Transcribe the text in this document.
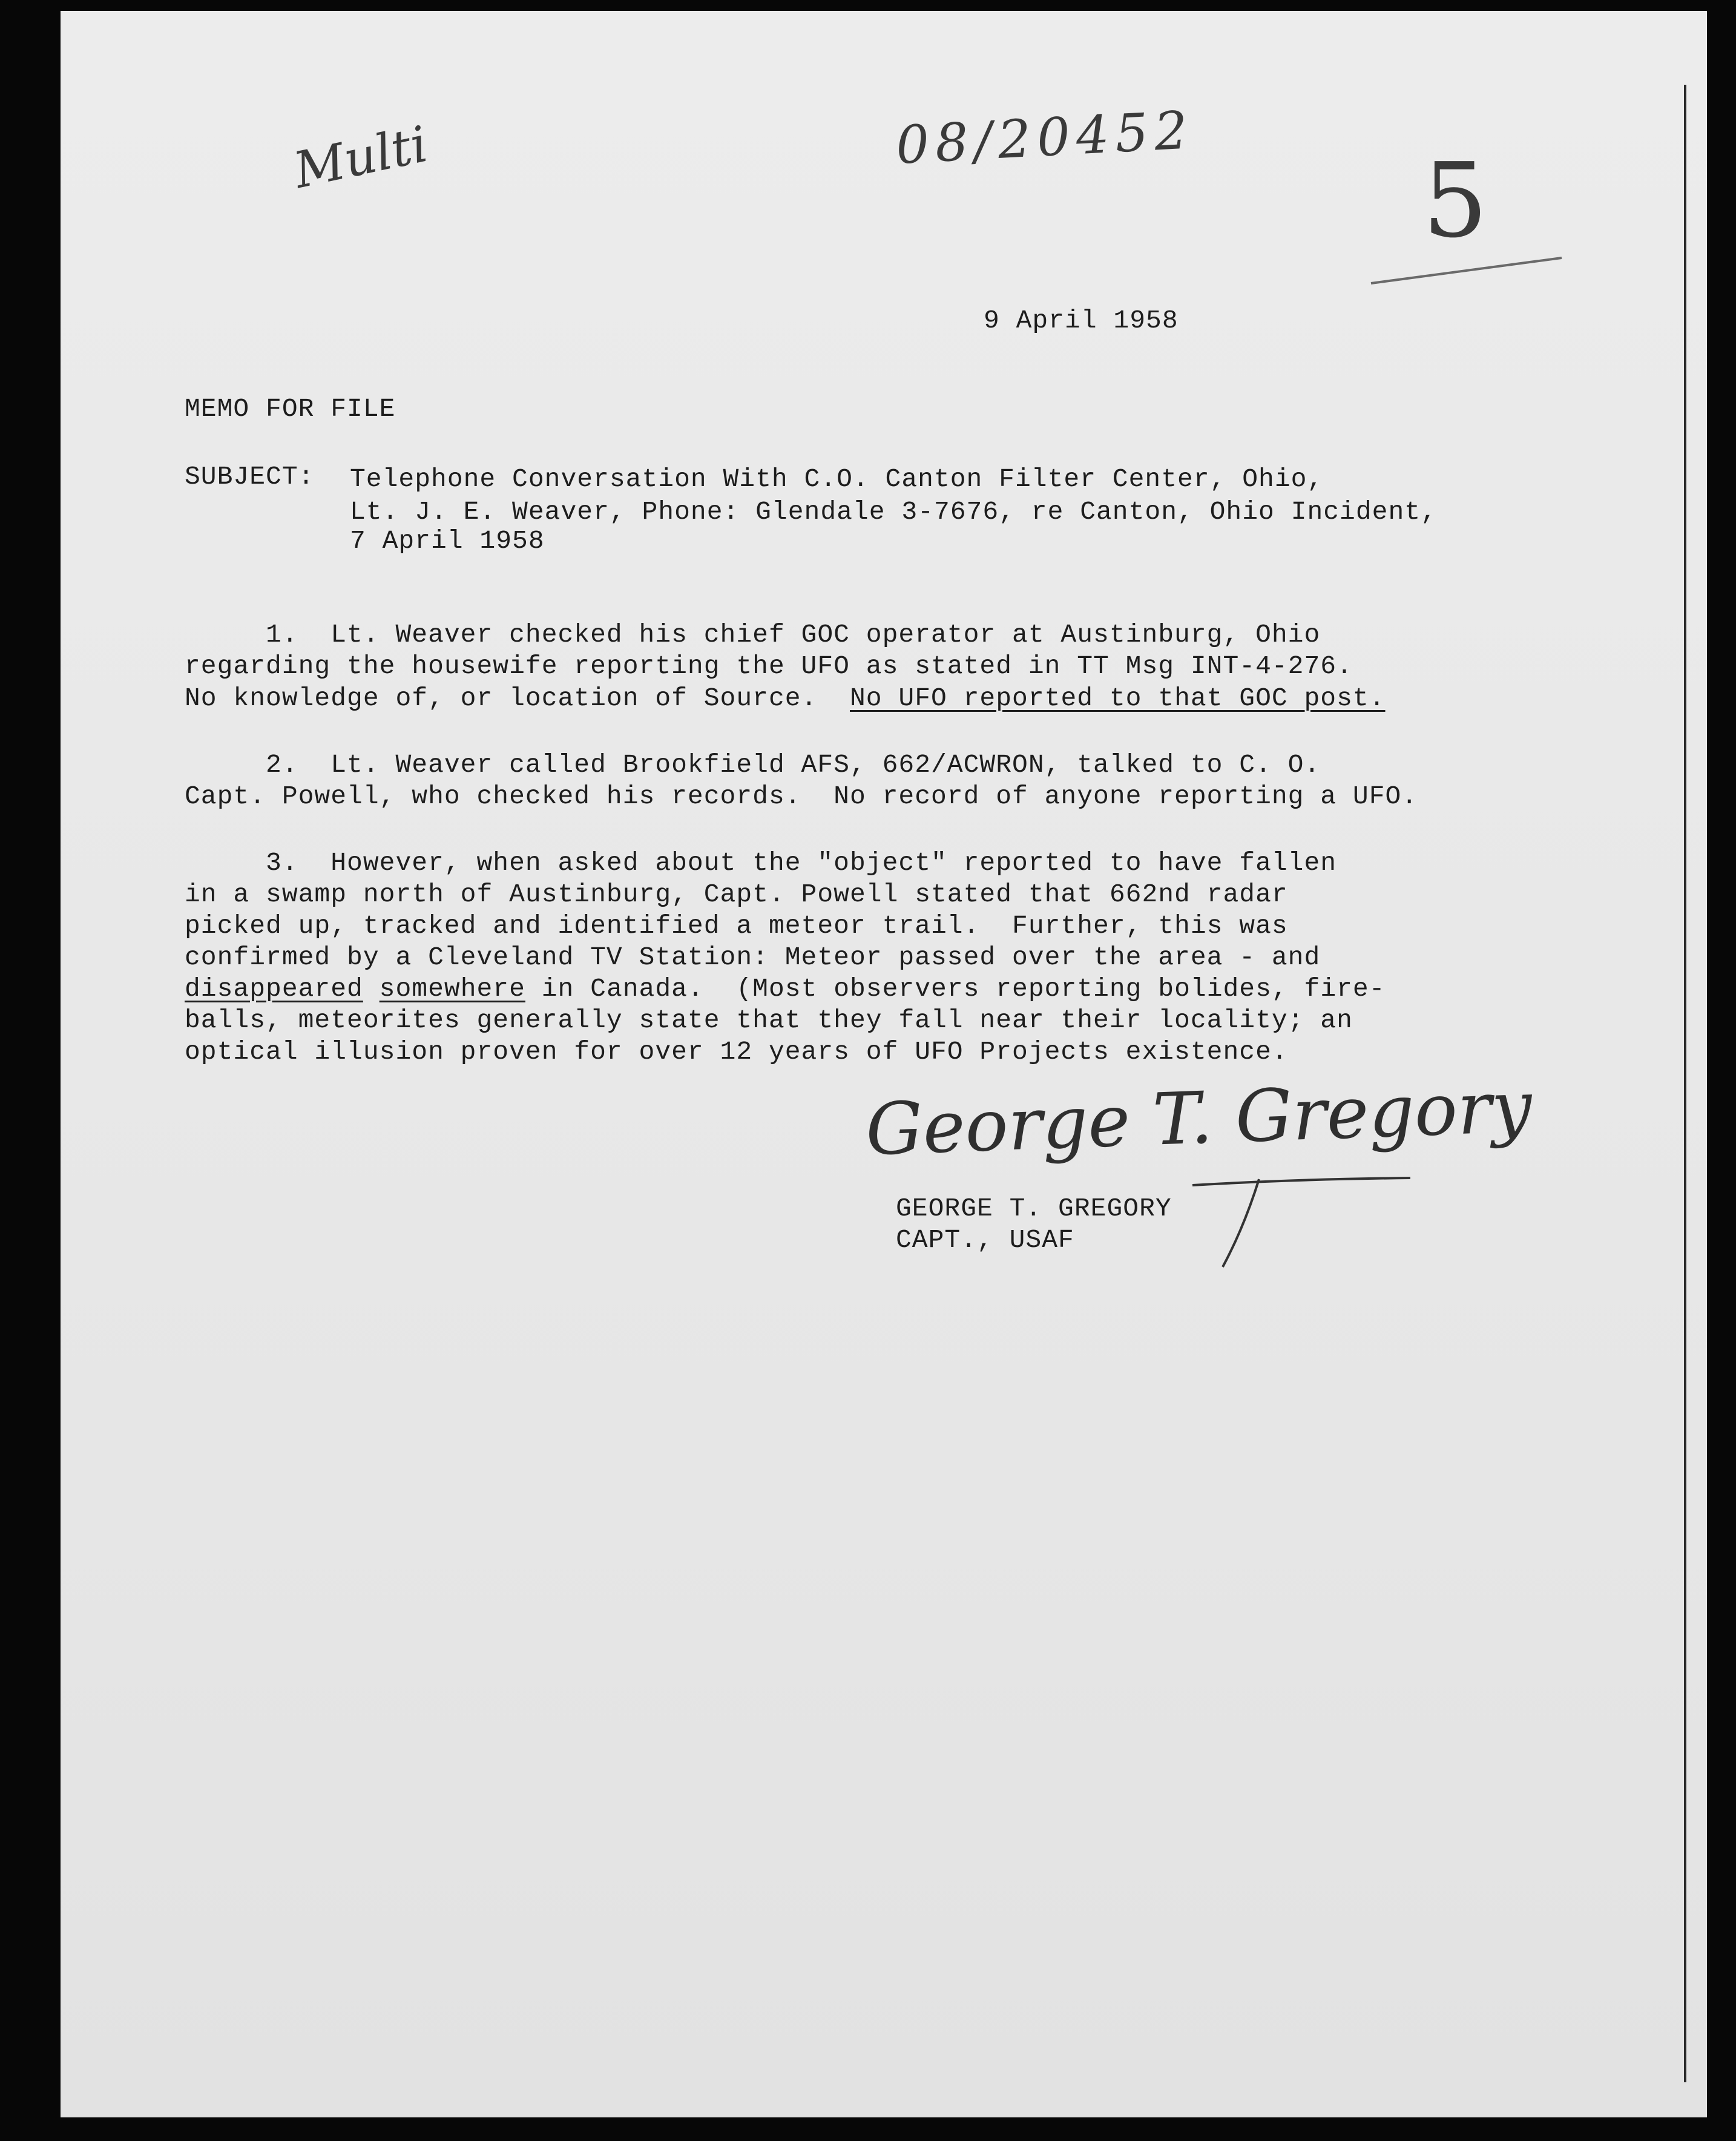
Multi	08/20452
5
9 April 1958
MEMO FOR FILE
SUBJECT: Telephone Conversation With C.O. Canton Filter Center, Ohio,
Lt. J. E. Weaver, Phone: Glendale 3-7676, re Canton, Ohio Incident,
7 April 1958
1.  Lt. Weaver checked his chief GOC operator at Austinburg, Ohio
regarding the housewife reporting the UFO as stated in TT Msg INT-4-276.
No knowledge of, or location of Source.  No UFO reported to that GOC post.
2.  Lt. Weaver called Brookfield AFS, 662/ACWRON, talked to C. O.
Capt. Powell, who checked his records.  No record of anyone reporting a UFO.
3.  However, when asked about the "object" reported to have fallen
in a swamp north of Austinburg, Capt. Powell stated that 662nd radar
picked up, tracked and identified a meteor trail.  Further, this was
confirmed by a Cleveland TV Station: Meteor passed over the area - and
disappeared somewhere in Canada.  (Most observers reporting bolides, fire-
balls, meteorites generally state that they fall near their locality; an
optical illusion proven for over 12 years of UFO Projects existence.
George T. Gregory
GEORGE T. GREGORY
CAPT., USAF
